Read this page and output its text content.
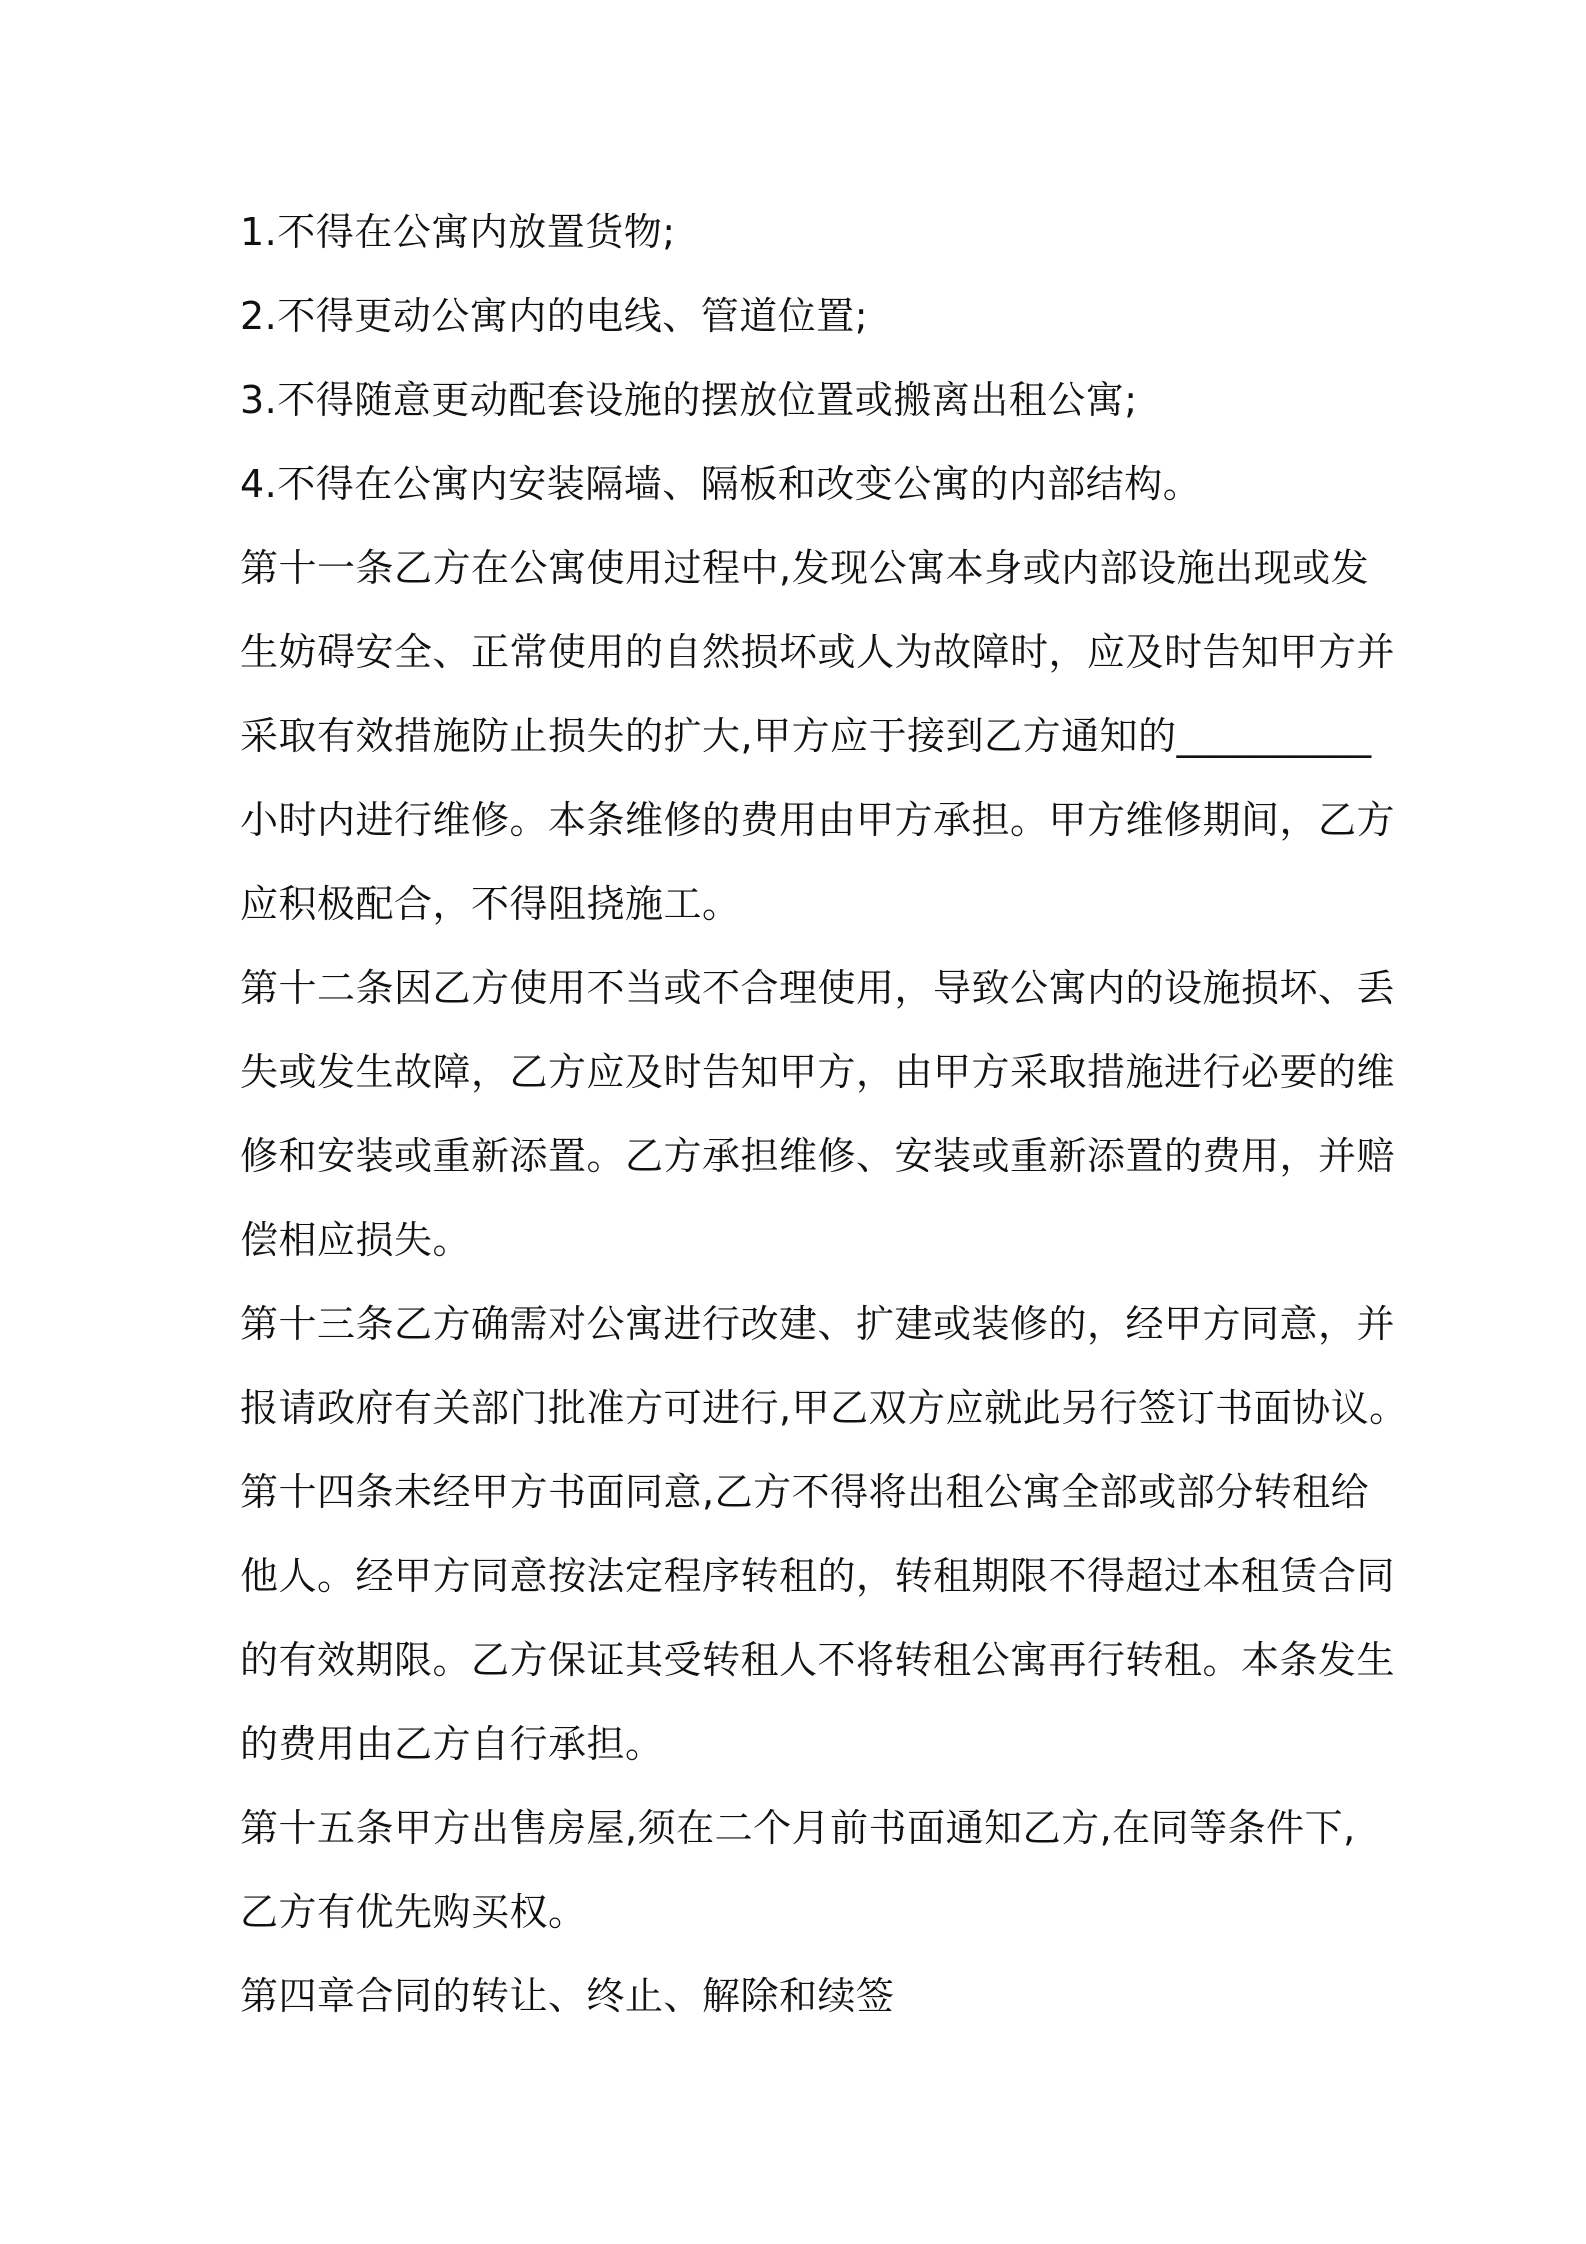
1.不得在公寓内放置货物;
2.不得更动公寓内的电线、管道位置;
3.不得随意更动配套设施的摆放位置或搬离出租公寓;
4.不得在公寓内安装隔墙、隔板和改变公寓的内部结构。
第十一条乙方在公寓使用过程中,发现公寓本身或内部设施出现或发
生妨碍安全、正常使用的自然损坏或人为故障时，应及时告知甲方并
采取有效措施防止损失的扩大,甲方应于接到乙方通知的__________
小时内进行维修。本条维修的费用由甲方承担。甲方维修期间，乙方
应积极配合，不得阻挠施工。
第十二条因乙方使用不当或不合理使用，导致公寓内的设施损坏、丢
失或发生故障，乙方应及时告知甲方，由甲方采取措施进行必要的维
修和安装或重新添置。乙方承担维修、安装或重新添置的费用，并赔
偿相应损失。
第十三条乙方确需对公寓进行改建、扩建或装修的，经甲方同意，并
报请政府有关部门批准方可进行,甲乙双方应就此另行签订书面协议。
第十四条未经甲方书面同意,乙方不得将出租公寓全部或部分转租给
他人。经甲方同意按法定程序转租的，转租期限不得超过本租赁合同
的有效期限。乙方保证其受转租人不将转租公寓再行转租。本条发生
的费用由乙方自行承担。
第十五条甲方出售房屋,须在二个月前书面通知乙方,在同等条件下,
乙方有优先购买权。
第四章合同的转让、终止、解除和续签
